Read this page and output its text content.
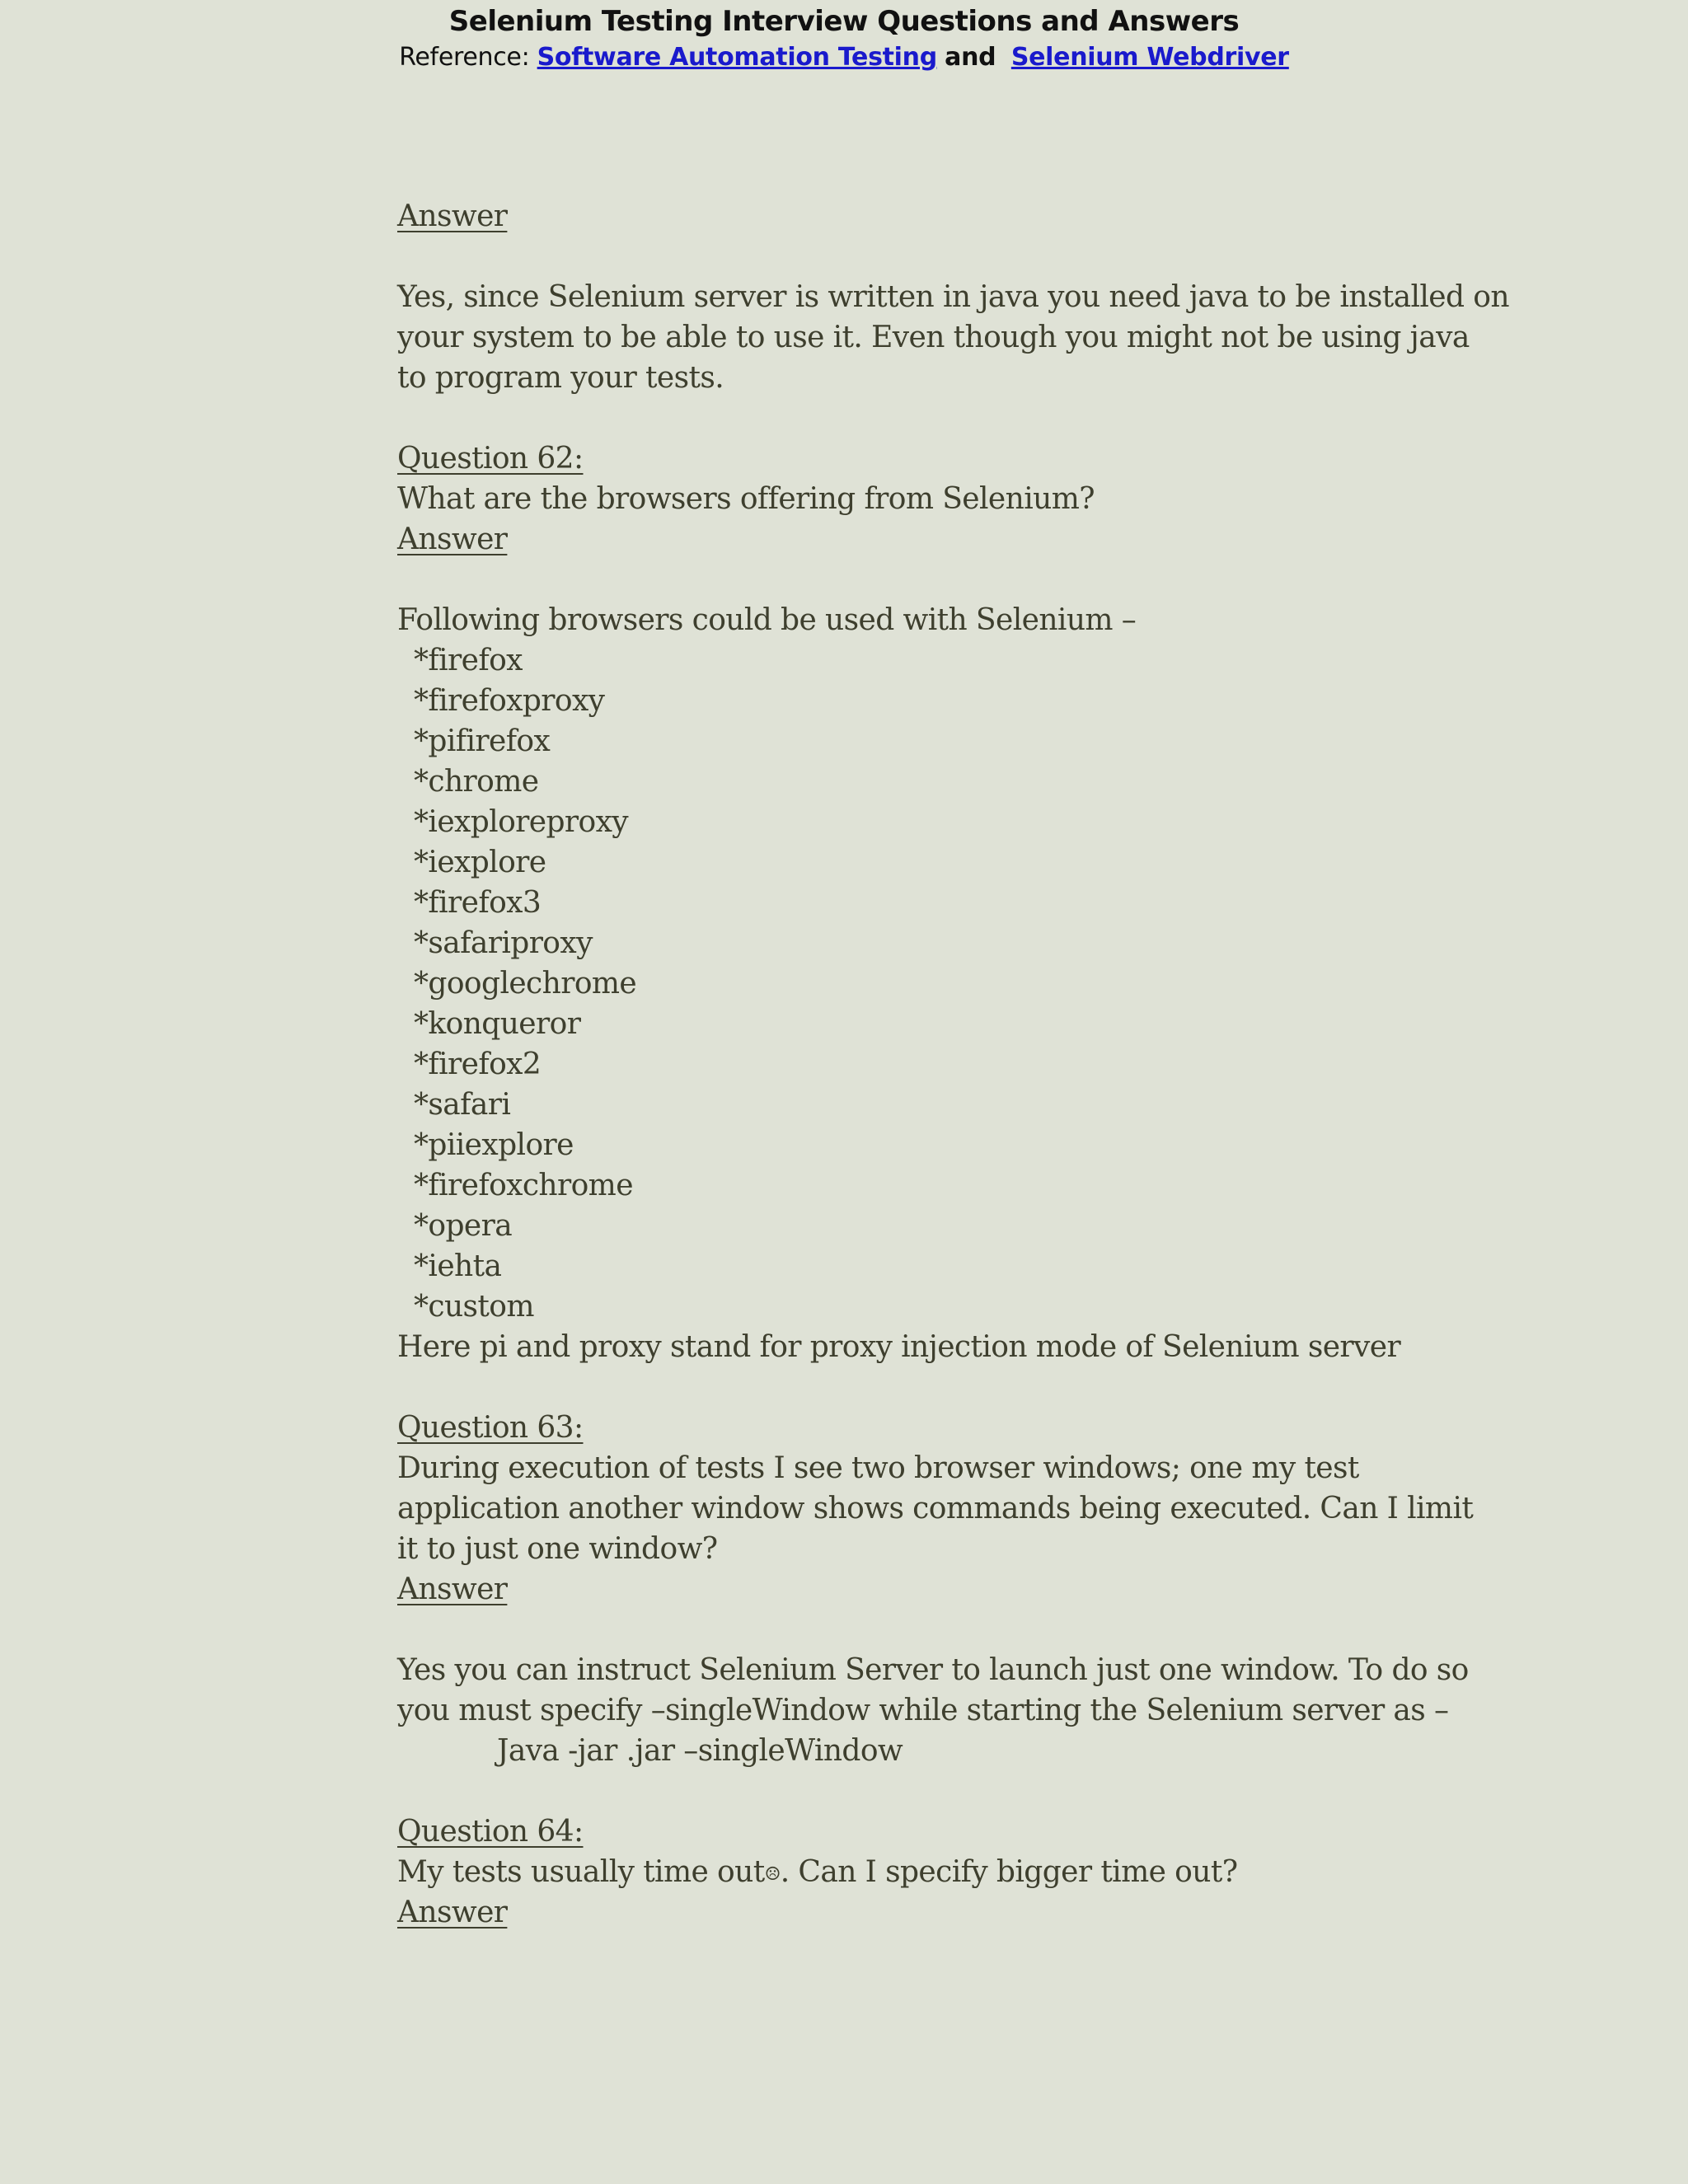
Selenium Testing Interview Questions and Answers
Reference: Software Automation Testing and Selenium Webdriver
Answer
Yes, since Selenium server is written in java you need java to be installed on
your system to be able to use it. Even though you might not be using java
to program your tests.
Question 62:
What are the browsers offering from Selenium?
Answer
Following browsers could be used with Selenium –
*firefox
*firefoxproxy
*pifirefox
*chrome
*iexploreproxy
*iexplore
*firefox3
*safariproxy
*googlechrome
*konqueror
*firefox2
*safari
*piiexplore
*firefoxchrome
*opera
*iehta
*custom
Here pi and proxy stand for proxy injection mode of Selenium server
Question 63:
During execution of tests I see two browser windows; one my test
application another window shows commands being executed. Can I limit
it to just one window?
Answer
Yes you can instruct Selenium Server to launch just one window. To do so
you must specify –singleWindow while starting the Selenium server as –
Java -jar .jar –singleWindow
Question 64:
My tests usually time out☹. Can I specify bigger time out?
Answer
